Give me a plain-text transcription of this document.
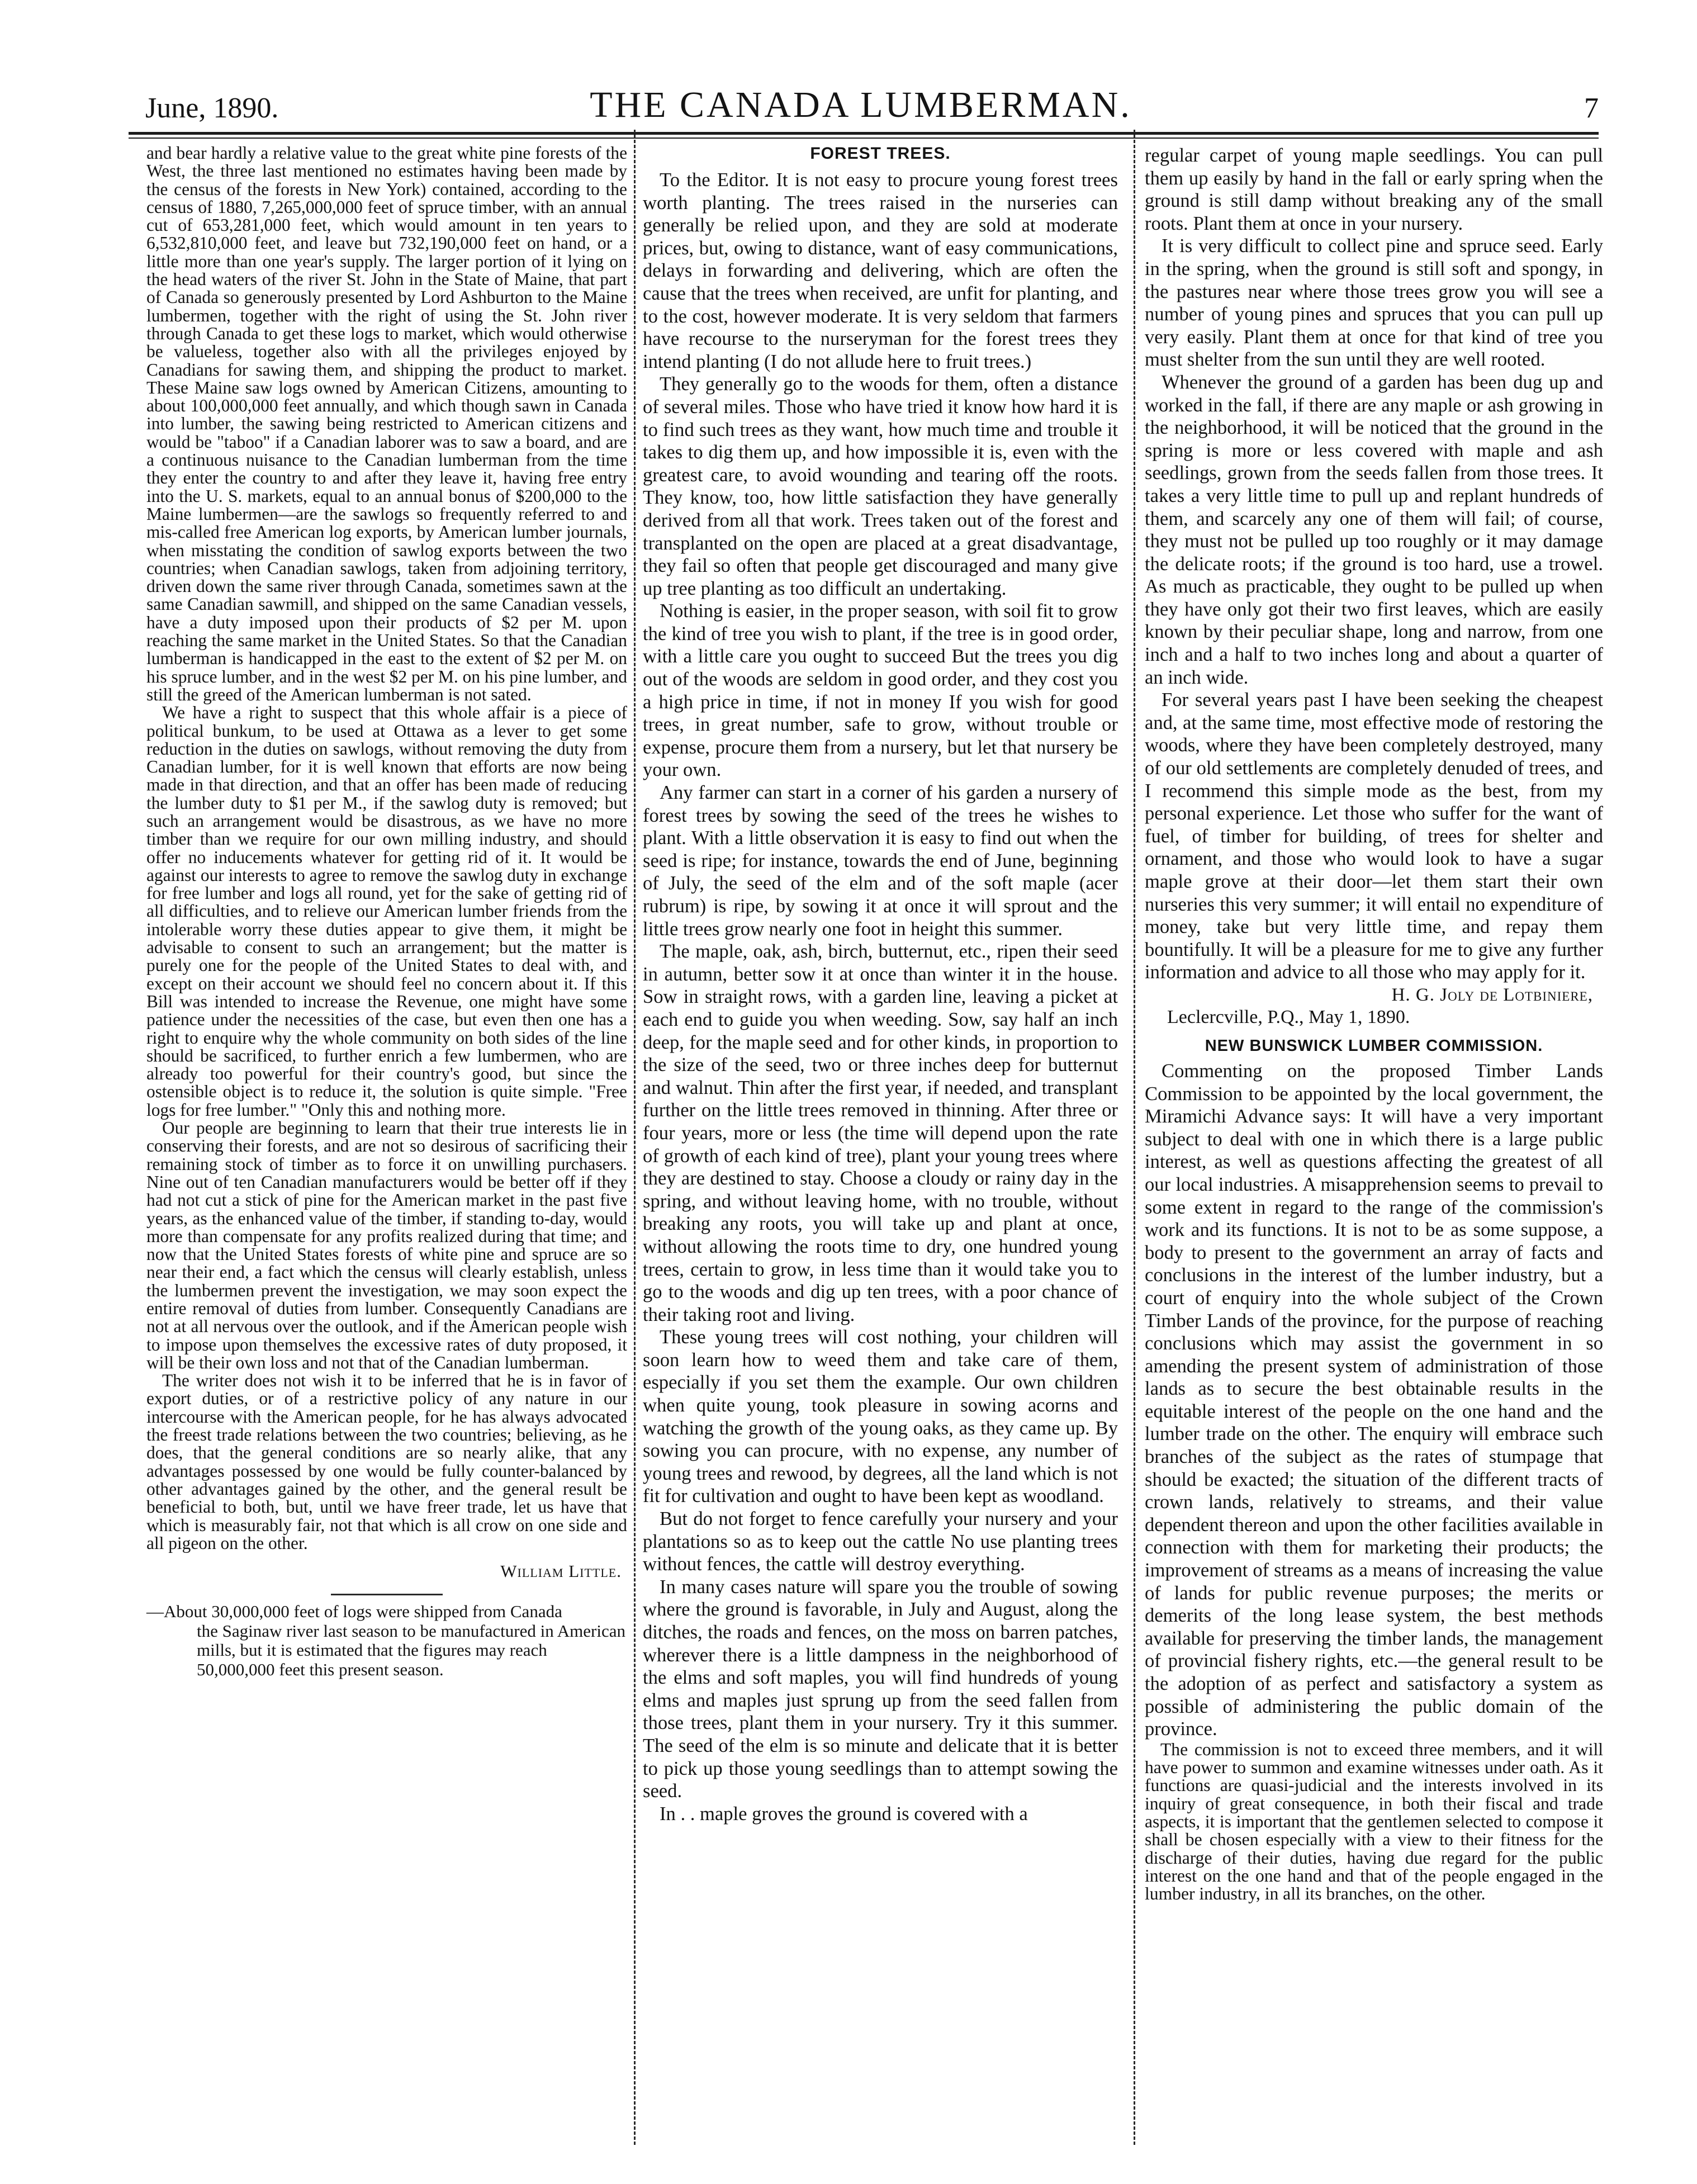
June, 1890.	THE CANADA LUMBERMAN.	7

and bear hardly a relative value to the great white pine forests of the West, the three last mentioned no estimates having been made by the census of the forests in New York) contained, according to the census of 1880, 7,265,000,000 feet of spruce timber, with an annual cut of 653,281,000 feet, which would amount in ten years to 6,532,810,000 feet, and leave but 732,190,000 feet on hand, or a little more than one year's supply. The larger portion of it lying on the head waters of the river St. John in the State of Maine, that part of Canada so generously presented by Lord Ashburton to the Maine lumbermen, together with the right of using the St. John river through Canada to get these logs to market, which would otherwise be valueless, together also with all the privileges enjoyed by Canadians for sawing them, and shipping the product to market. These Maine saw logs owned by American Citizens, amounting to about 100,000,000 feet annually, and which though sawn in Canada into lumber, the sawing being restricted to American citizens and would be "taboo" if a Canadian laborer was to saw a board, and are a continuous nuisance to the Canadian lumberman from the time they enter the country to and after they leave it, having free entry into the U. S. markets, equal to an annual bonus of $200,000 to the Maine lumbermen—are the sawlogs so frequently referred to and mis-called free American log exports, by American lumber journals, when misstating the condition of sawlog exports between the two countries; when Canadian sawlogs, taken from adjoining territory, driven down the same river through Canada, sometimes sawn at the same Canadian sawmill, and shipped on the same Canadian vessels, have a duty imposed upon their products of $2 per M. upon reaching the same market in the United States. So that the Canadian lumberman is handicapped in the east to the extent of $2 per M. on his spruce lumber, and in the west $2 per M. on his pine lumber, and still the greed of the American lumberman is not sated.

We have a right to suspect that this whole affair is a piece of political bunkum, to be used at Ottawa as a lever to get some reduction in the duties on sawlogs, without removing the duty from Canadian lumber, for it is well known that efforts are now being made in that direction, and that an offer has been made of reducing the lumber duty to $1 per M., if the sawlog duty is removed; but such an arrangement would be disastrous, as we have no more timber than we require for our own milling industry, and should offer no inducements whatever for getting rid of it. It would be against our interests to agree to remove the sawlog duty in exchange for free lumber and logs all round, yet for the sake of getting rid of all difficulties, and to relieve our American lumber friends from the intolerable worry these duties appear to give them, it might be advisable to consent to such an arrangement; but the matter is purely one for the people of the United States to deal with, and except on their account we should feel no concern about it. If this Bill was intended to increase the Revenue, one might have some patience under the necessities of the case, but even then one has a right to enquire why the whole community on both sides of the line should be sacrificed, to further enrich a few lumbermen, who are already too powerful for their country's good, but since the ostensible object is to reduce it, the solution is quite simple. "Free logs for free lumber." "Only this and nothing more.

Our people are beginning to learn that their true interests lie in conserving their forests, and are not so desirous of sacrificing their remaining stock of timber as to force it on unwilling purchasers. Nine out of ten Canadian manufacturers would be better off if they had not cut a stick of pine for the American market in the past five years, as the enhanced value of the timber, if standing to-day, would more than compensate for any profits realized during that time; and now that the United States forests of white pine and spruce are so near their end, a fact which the census will clearly establish, unless the lumbermen prevent the investigation, we may soon expect the entire removal of duties from lumber. Consequently Canadians are not at all nervous over the outlook, and if the American people wish to impose upon themselves the excessive rates of duty proposed, it will be their own loss and not that of the Canadian lumberman.

The writer does not wish it to be inferred that he is in favor of export duties, or of a restrictive policy of any nature in our intercourse with the American people, for he has always advocated the freest trade relations between the two countries; believing, as he does, that the general conditions are so nearly alike, that any advantages possessed by one would be fully counter-balanced by other advantages gained by the other, and the general result be beneficial to both, but, until we have freer trade, let us have that which is measurably fair, not that which is all crow on one side and all pigeon on the other.

William Little.
—About 30,000,000 feet of logs were shipped from Canada
the Saginaw river last season to be manufactured in American mills, but it is estimated that the figures may reach 50,000,000 feet this present season.
FOREST TREES.

To the Editor. It is not easy to procure young forest trees worth planting. The trees raised in the nurseries can generally be relied upon, and they are sold at moderate prices, but, owing to distance, want of easy communications, delays in forwarding and delivering, which are often the cause that the trees when received, are unfit for planting, and to the cost, however moderate. It is very seldom that farmers have recourse to the nurseryman for the forest trees they intend planting (I do not allude here to fruit trees.)

They generally go to the woods for them, often a distance of several miles. Those who have tried it know how hard it is to find such trees as they want, how much time and trouble it takes to dig them up, and how impossible it is, even with the greatest care, to avoid wounding and tearing off the roots. They know, too, how little satisfaction they have generally derived from all that work. Trees taken out of the forest and transplanted on the open are placed at a great disadvantage, they fail so often that people get discouraged and many give up tree planting as too difficult an undertaking.

Nothing is easier, in the proper season, with soil fit to grow the kind of tree you wish to plant, if the tree is in good order, with a little care you ought to succeed But the trees you dig out of the woods are seldom in good order, and they cost you a high price in time, if not in money If you wish for good trees, in great number, safe to grow, without trouble or expense, procure them from a nursery, but let that nursery be your own.

Any farmer can start in a corner of his garden a nursery of forest trees by sowing the seed of the trees he wishes to plant. With a little observation it is easy to find out when the seed is ripe; for instance, towards the end of June, beginning of July, the seed of the elm and of the soft maple (acer rubrum) is ripe, by sowing it at once it will sprout and the little trees grow nearly one foot in height this summer.

The maple, oak, ash, birch, butternut, etc., ripen their seed in autumn, better sow it at once than winter it in the house. Sow in straight rows, with a garden line, leaving a picket at each end to guide you when weeding. Sow, say half an inch deep, for the maple seed and for other kinds, in proportion to the size of the seed, two or three inches deep for butternut and walnut. Thin after the first year, if needed, and transplant further on the little trees removed in thinning. After three or four years, more or less (the time will depend upon the rate of growth of each kind of tree), plant your young trees where they are destined to stay. Choose a cloudy or rainy day in the spring, and without leaving home, with no trouble, without breaking any roots, you will take up and plant at once, without allowing the roots time to dry, one hundred young trees, certain to grow, in less time than it would take you to go to the woods and dig up ten trees, with a poor chance of their taking root and living.

These young trees will cost nothing, your children will soon learn how to weed them and take care of them, especially if you set them the example. Our own children when quite young, took pleasure in sowing acorns and watching the growth of the young oaks, as they came up. By sowing you can procure, with no expense, any number of young trees and rewood, by degrees, all the land which is not fit for cultivation and ought to have been kept as woodland.

But do not forget to fence carefully your nursery and your plantations so as to keep out the cattle No use planting trees without fences, the cattle will destroy everything.

In many cases nature will spare you the trouble of sowing where the ground is favorable, in July and August, along the ditches, the roads and fences, on the moss on barren patches, wherever there is a little dampness in the neighborhood of the elms and soft maples, you will find hundreds of young elms and maples just sprung up from the seed fallen from those trees, plant them in your nursery. Try it this summer. The seed of the elm is so minute and delicate that it is better to pick up those young seedlings than to attempt sowing the seed.

In . . maple groves the ground is covered with a

regular carpet of young maple seedlings. You can pull them up easily by hand in the fall or early spring when the ground is still damp without breaking any of the small roots. Plant them at once in your nursery.

It is very difficult to collect pine and spruce seed. Early in the spring, when the ground is still soft and spongy, in the pastures near where those trees grow you will see a number of young pines and spruces that you can pull up very easily. Plant them at once for that kind of tree you must shelter from the sun until they are well rooted.

Whenever the ground of a garden has been dug up and worked in the fall, if there are any maple or ash growing in the neighborhood, it will be noticed that the ground in the spring is more or less covered with maple and ash seedlings, grown from the seeds fallen from those trees. It takes a very little time to pull up and replant hundreds of them, and scarcely any one of them will fail; of course, they must not be pulled up too roughly or it may damage the delicate roots; if the ground is too hard, use a trowel. As much as practicable, they ought to be pulled up when they have only got their two first leaves, which are easily known by their peculiar shape, long and narrow, from one inch and a half to two inches long and about a quarter of an inch wide.

For several years past I have been seeking the cheapest and, at the same time, most effective mode of restoring the woods, where they have been completely destroyed, many of our old settlements are completely denuded of trees, and I recommend this simple mode as the best, from my personal experience. Let those who suffer for the want of fuel, of timber for building, of trees for shelter and ornament, and those who would look to have a sugar maple grove at their door—let them start their own nurseries this very summer; it will entail no expenditure of money, take but very little time, and repay them bountifully. It will be a pleasure for me to give any further information and advice to all those who may apply for it.

H. G. Joly de Lotbiniere,
Leclercville, P.Q., May 1, 1890.
NEW BUNSWICK LUMBER COMMISSION.

Commenting on the proposed Timber Lands Commission to be appointed by the local government, the Miramichi Advance says: It will have a very important subject to deal with one in which there is a large public interest, as well as questions affecting the greatest of all our local industries. A misapprehension seems to prevail to some extent in regard to the range of the commission's work and its functions. It is not to be as some suppose, a body to present to the government an array of facts and conclusions in the interest of the lumber industry, but a court of enquiry into the whole subject of the Crown Timber Lands of the province, for the purpose of reaching conclusions which may assist the government in so amending the present system of administration of those lands as to secure the best obtainable results in the equitable interest of the people on the one hand and the lumber trade on the other. The enquiry will embrace such branches of the subject as the rates of stumpage that should be exacted; the situation of the different tracts of crown lands, relatively to streams, and their value dependent thereon and upon the other facilities available in connection with them for marketing their products; the improvement of streams as a means of increasing the value of lands for public revenue purposes; the merits or demerits of the long lease system, the best methods available for preserving the timber lands, the management of provincial fishery rights, etc.—the general result to be the adoption of as perfect and satisfactory a system as possible of administering the public domain of the province.

The commission is not to exceed three members, and it will have power to summon and examine witnesses under oath. As it functions are quasi-judicial and the interests involved in its inquiry of great consequence, in both their fiscal and trade aspects, it is important that the gentlemen selected to compose it shall be chosen especially with a view to their fitness for the discharge of their duties, having due regard for the public interest on the one hand and that of the people engaged in the lumber industry, in all its branches, on the other.
